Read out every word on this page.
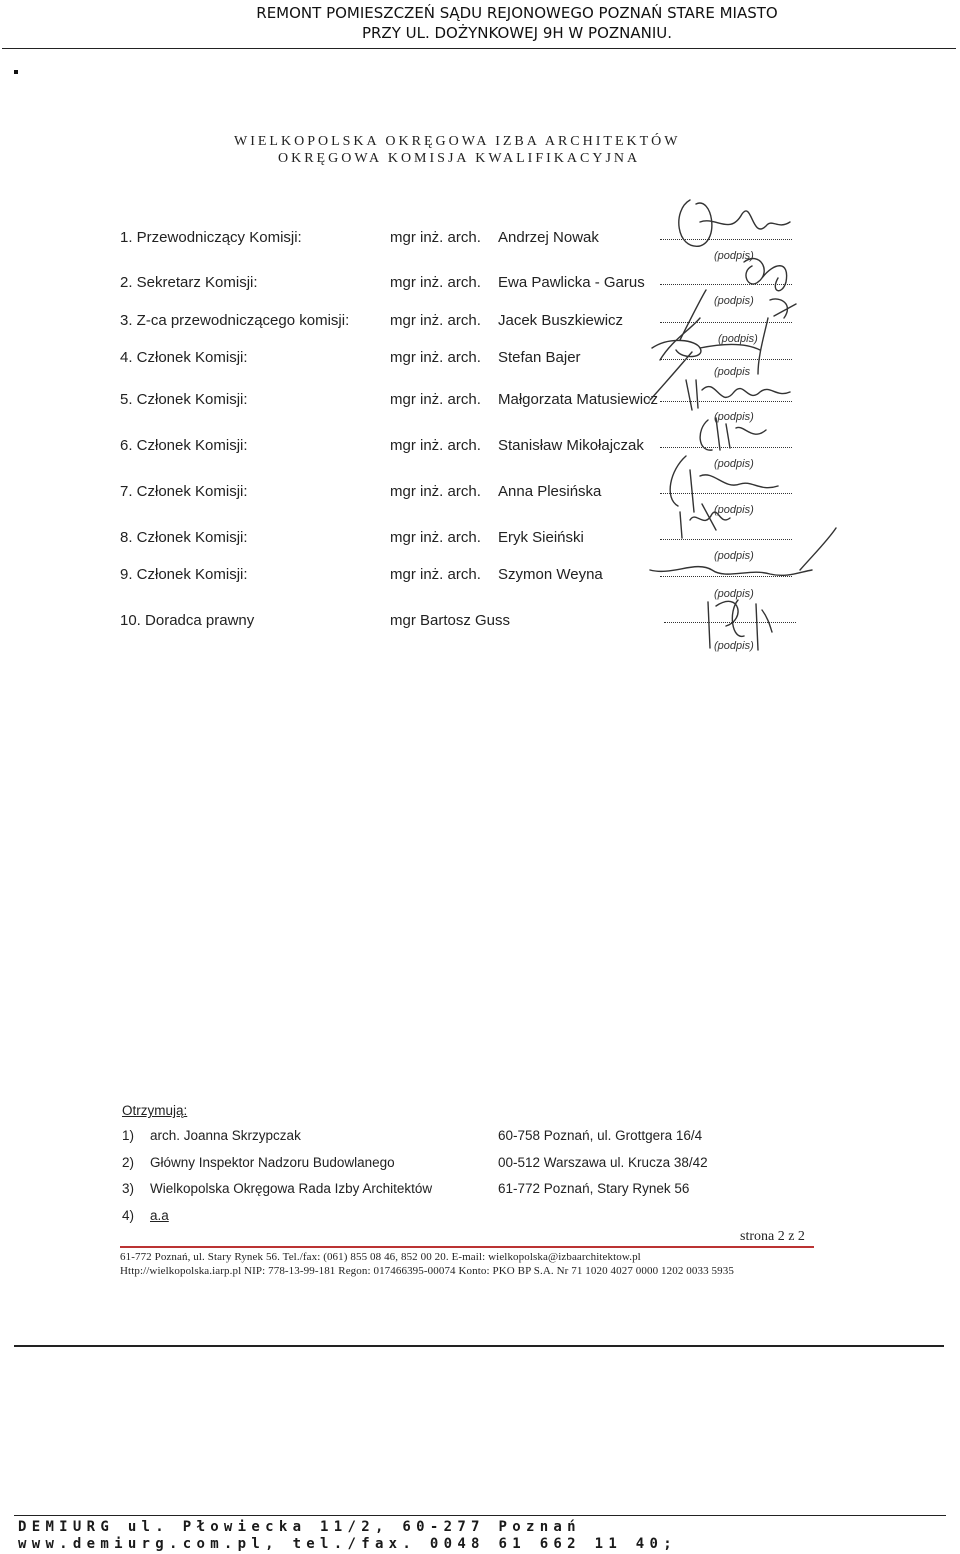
REMONT POMIESZCZEŃ SĄDU REJONOWEGO POZNAŃ STARE MIASTO
PRZY UL. DOŻYNKOWEJ 9H W POZNANIU.
WIELKOPOLSKA OKRĘGOWA IZBA ARCHITEKTÓW
OKRĘGOWA KOMISJA KWALIFIKACYJNA
1. Przewodniczący Komisji:	mgr inż. arch. Andrzej Nowak
(podpis)
2. Sekretarz Komisji:	mgr inż. arch. Ewa Pawlicka - Garus
(podpis)
3. Z-ca przewodniczącego komisji:	mgr inż. arch. Jacek Buszkiewicz
(podpis)
4. Członek Komisji:	mgr inż. arch. Stefan Bajer
(podpis
5. Członek Komisji:	mgr inż. arch. Małgorzata Matusiewicz
(podpis)
6. Członek Komisji:	mgr inż. arch. Stanisław Mikołajczak
(podpis)
7. Członek Komisji:	mgr inż. arch. Anna Plesińska
(podpis)
8. Członek Komisji:	mgr inż. arch. Eryk Sieiński
(podpis)
9. Członek Komisji:	mgr inż. arch. Szymon Weyna
(podpis)
10. Doradca prawny	mgr Bartosz Guss
(podpis)
Otrzymują:
1) arch. Joanna Skrzypczak	60-758 Poznań, ul. Grottgera 16/4
2) Główny Inspektor Nadzoru Budowlanego	00-512 Warszawa ul. Krucza 38/42
3) Wielkopolska Okręgowa Rada Izby Architektów	61-772 Poznań, Stary Rynek 56
4) a.a
strona 2 z 2
61-772 Poznań, ul. Stary Rynek 56. Tel./fax: (061) 855 08 46, 852 00 20. E-mail: wielkopolska@izbaarchitektow.pl
Http://wielkopolska.iarp.pl NIP: 778-13-99-181 Regon: 017466395-00074 Konto: PKO BP S.A. Nr 71 1020 4027 0000 1202 0033 5935
DEMIURG ul. Płowiecka 11/2, 60-277 Poznań
www.demiurg.com.pl, tel./fax. 0048 61 662 11 40;
